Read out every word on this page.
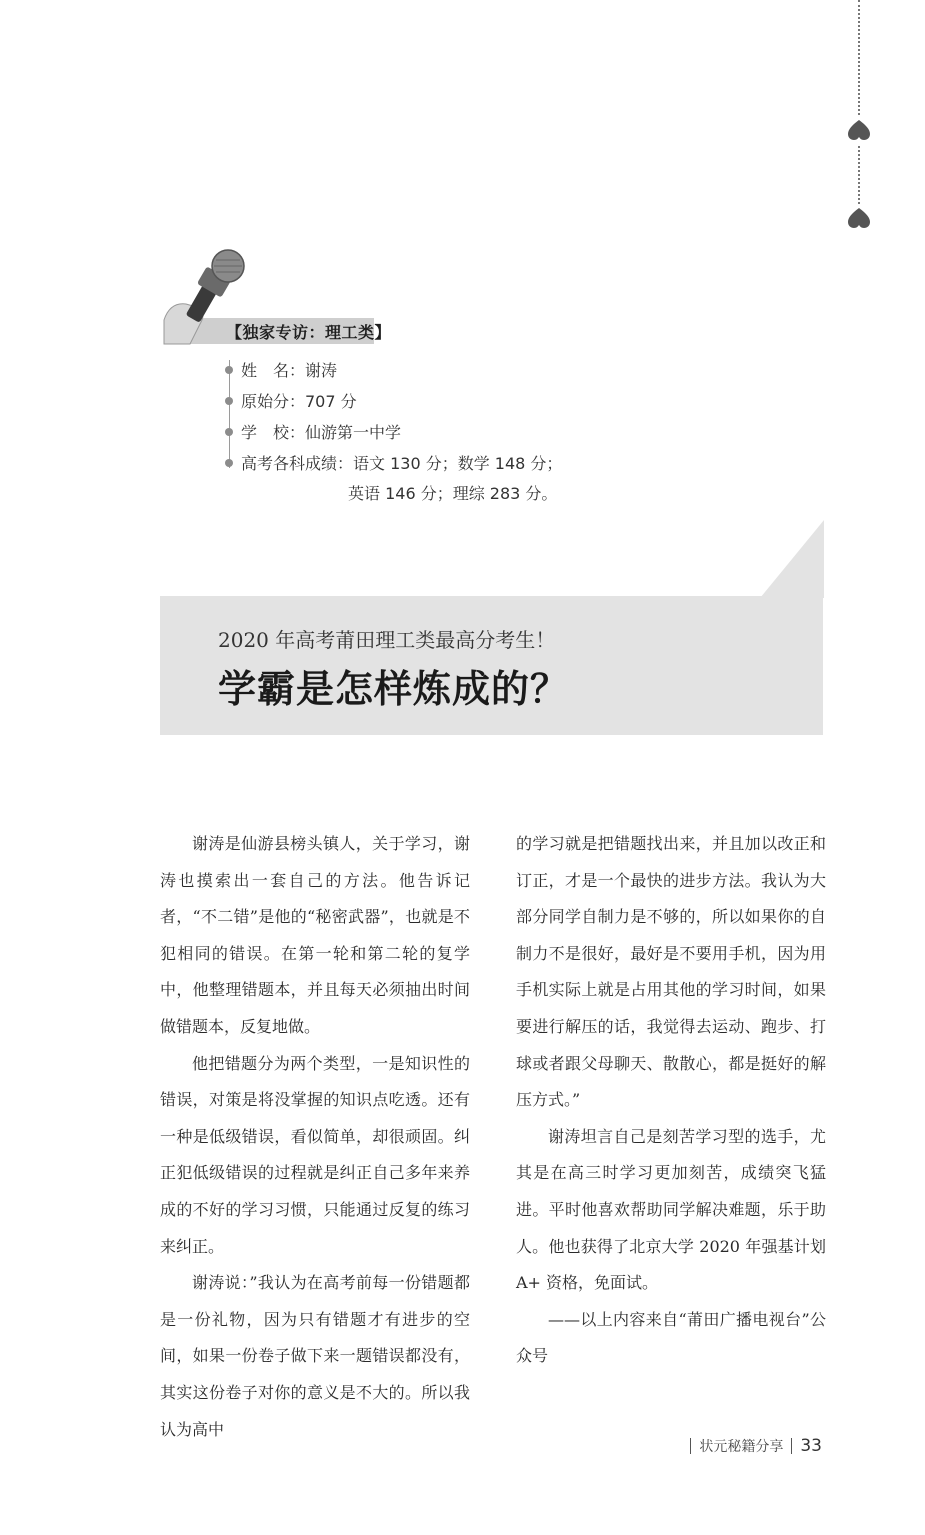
【独家专访：理工类】
姓　名：谢涛
原始分：707 分
学　校：仙游第一中学
高考各科成绩：语文 130 分；数学 148 分；
英语 146 分；理综 283 分。
2020 年高考莆田理工类最高分考生！
学霸是怎样炼成的？

谢涛是仙游县榜头镇人，关于学习，谢涛也摸索出一套自己的方法。他告诉记者，“不二错”是他的“秘密武器”，也就是不犯相同的错误。在第一轮和第二轮的复学中，他整理错题本，并且每天必须抽出时间做错题本，反复地做。

他把错题分为两个类型，一是知识性的错误，对策是将没掌握的知识点吃透。还有一种是低级错误，看似简单，却很顽固。纠正犯低级错误的过程就是纠正自己多年来养成的不好的学习习惯，只能通过反复的练习来纠正。

谢涛说：”我认为在高考前每一份错题都是一份礼物，因为只有错题才有进步的空间，如果一份卷子做下来一题错误都没有，其实这份卷子对你的意义是不大的。所以我认为高中

的学习就是把错题找出来，并且加以改正和订正，才是一个最快的进步方法。我认为大部分同学自制力是不够的，所以如果你的自制力不是很好，最好是不要用手机，因为用手机实际上就是占用其他的学习时间，如果要进行解压的话，我觉得去运动、跑步、打球或者跟父母聊天、散散心，都是挺好的解压方式。”

谢涛坦言自己是刻苦学习型的选手，尤其是在高三时学习更加刻苦，成绩突飞猛进。平时他喜欢帮助同学解决难题，乐于助人。他也获得了北京大学 2020 年强基计划 A+ 资格，免面试。

——以上内容来自“莆田广播电视台”公众号

状元秘籍分享 33
